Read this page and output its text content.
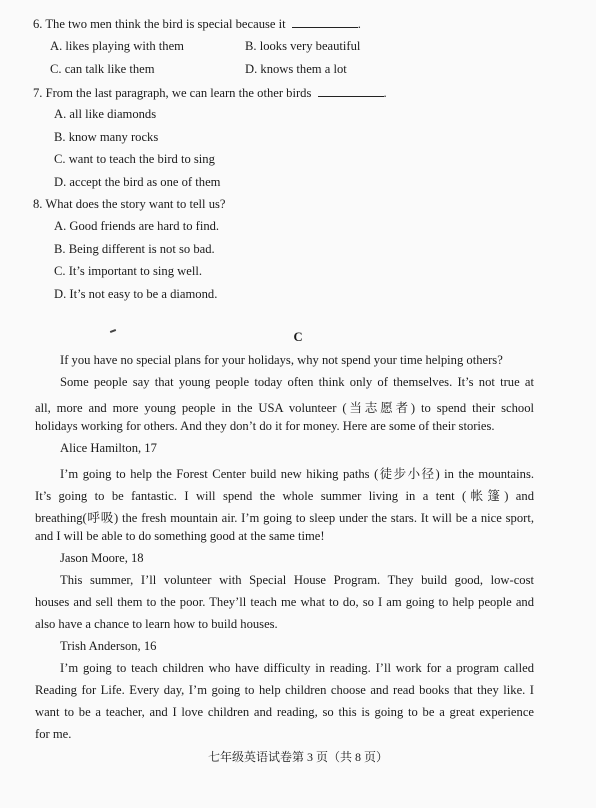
6. The two men think the bird is special because it	.
A. likes playing with them	B. looks very beautiful
C. can talk like them	D. knows them a lot
7. From the last paragraph, we can learn the other birds	.
A. all like diamonds
B. know many rocks
C. want to teach the bird to sing
D. accept the bird as one of them
8. What does the story want to tell us?
A. Good friends are hard to find.
B. Being different is not so bad.
C. It’s important to sing well.
D. It’s not easy to be a diamond.
C
If you have no special plans for your holidays, why not spend your time helping others?
Some people say that young people today often think only of themselves. It’s not true at
all, more and more young people in the USA volunteer (当志愿者) to spend their school
holidays working for others. And they don’t do it for money. Here are some of their stories.
Alice Hamilton, 17
I’m going to help the Forest Center build new hiking paths (徒步小径) in the mountains.
It’s going to be fantastic. I will spend the whole summer living in a tent (帐篷) and
breathing(呼吸) the fresh mountain air. I’m going to sleep under the stars. It will be a nice sport,
and I will be able to do something good at the same time!
Jason Moore, 18
This summer, I’ll volunteer with Special House Program. They build good, low-cost
houses and sell them to the poor. They’ll teach me what to do, so I am going to help people and
also have a chance to learn how to build houses.
Trish Anderson, 16
I’m going to teach children who have difficulty in reading. I’ll work for a program called
Reading for Life. Every day, I’m going to help children choose and read books that they like. I
want to be a teacher, and I love children and reading, so this is going to be a great experience
for me.
七年级英语试卷第 3 页（共 8 页）
